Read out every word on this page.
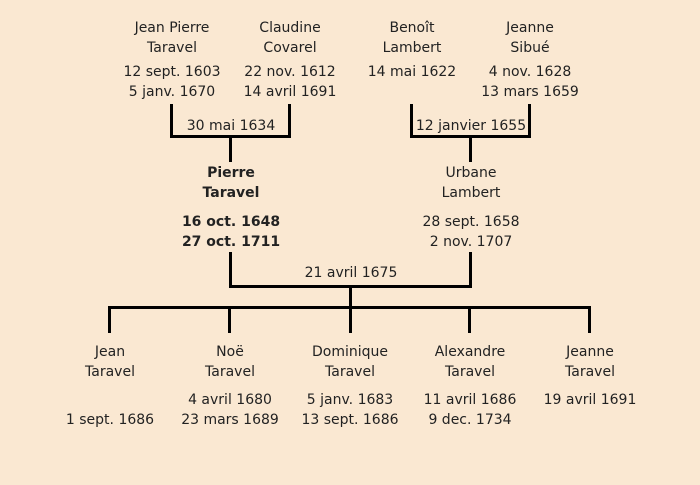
Jean Pierre
Taravel
12 sept. 1603
5 janv. 1670
Claudine
Covarel
22 nov. 1612
14 avril 1691
Benoît
Lambert
14 mai 1622
Jeanne
Sibué
4 nov. 1628
13 mars 1659
30 mai 1634	12 janvier 1655
21 avril 1675
Pierre
Taravel
16 oct. 1648
27 oct. 1711
Urbane
Lambert
28 sept. 1658
2 nov. 1707
Jean
Taravel
1 sept. 1686
Noë
Taravel
4 avril 1680
23 mars 1689
Dominique
Taravel
5 janv. 1683
13 sept. 1686
Alexandre
Taravel
11 avril 1686
9 dec. 1734
Jeanne
Taravel
19 avril 1691
